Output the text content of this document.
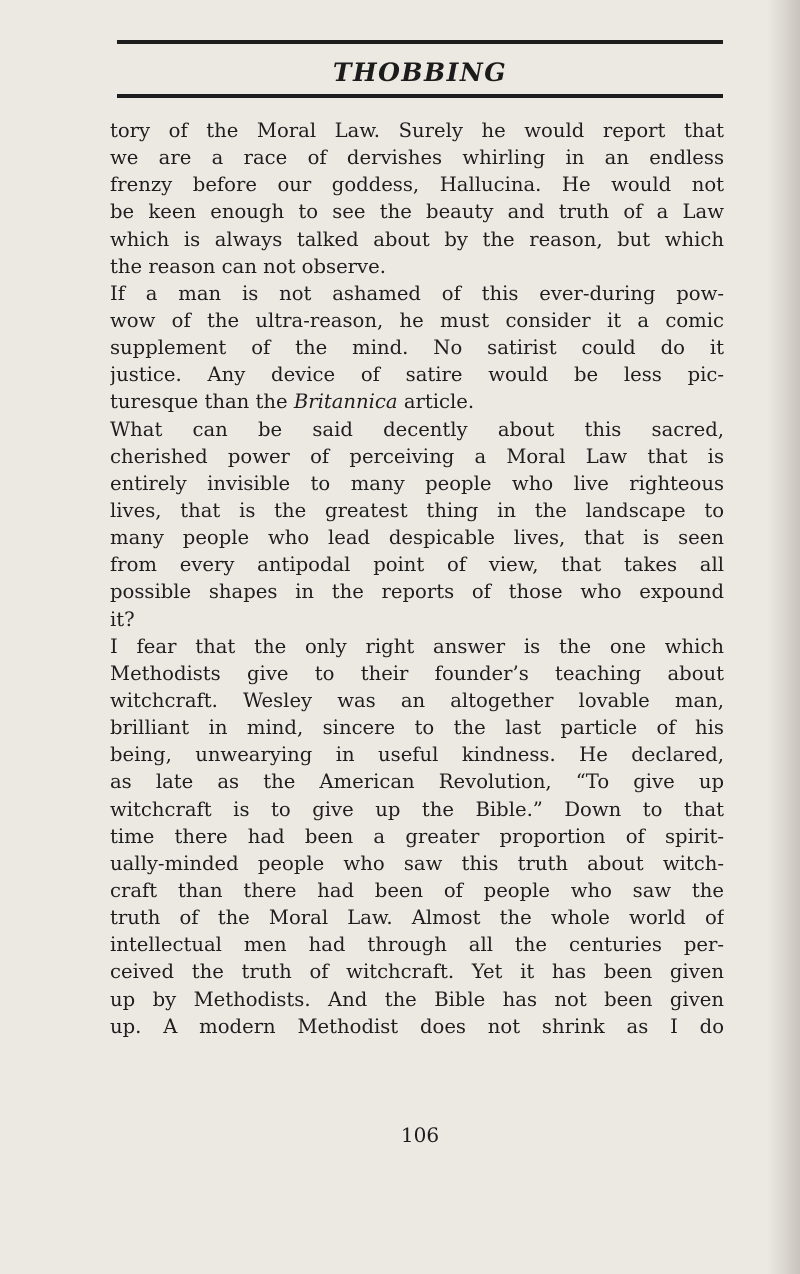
THOBBING
tory of the Moral Law. Surely he would report that
we are a race of dervishes whirling in an endless
frenzy before our goddess, Hallucina. He would not
be keen enough to see the beauty and truth of a Law
which is always talked about by the reason, but which
the reason can not observe.
If a man is not ashamed of this ever-during pow-
wow of the ultra-reason, he must consider it a comic
supplement of the mind. No satirist could do it
justice. Any device of satire would be less pic-
turesque than the Britannica article.
What can be said decently about this sacred,
cherished power of perceiving a Moral Law that is
entirely invisible to many people who live righteous
lives, that is the greatest thing in the landscape to
many people who lead despicable lives, that is seen
from every antipodal point of view, that takes all
possible shapes in the reports of those who expound
it?
I fear that the only right answer is the one which
Methodists give to their founder’s teaching about
witchcraft. Wesley was an altogether lovable man,
brilliant in mind, sincere to the last particle of his
being, unwearying in useful kindness. He declared,
as late as the American Revolution, “To give up
witchcraft is to give up the Bible.” Down to that
time there had been a greater proportion of spirit-
ually-minded people who saw this truth about witch-
craft than there had been of people who saw the
truth of the Moral Law. Almost the whole world of
intellectual men had through all the centuries per-
ceived the truth of witchcraft. Yet it has been given
up by Methodists. And the Bible has not been given
up. A modern Methodist does not shrink as I do
106
